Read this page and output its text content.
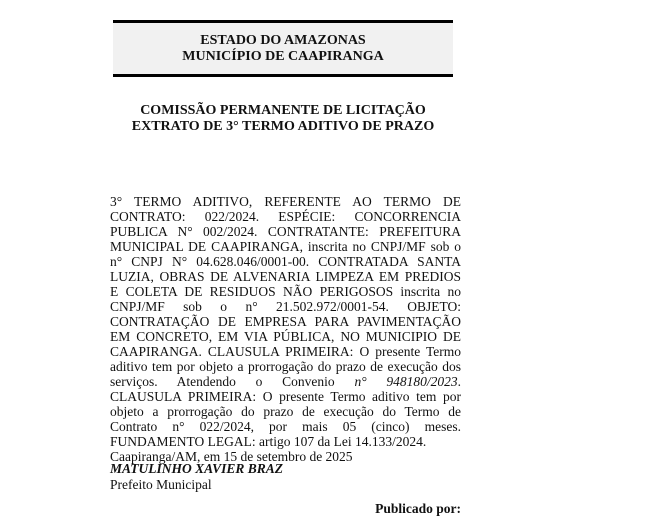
ESTADO DO AMAZONAS
MUNICÍPIO DE CAAPIRANGA
COMISSÃO PERMANENTE DE LICITAÇÃO
EXTRATO DE 3° TERMO ADITIVO DE PRAZO
3° TERMO ADITIVO, REFERENTE AO TERMO DE
CONTRATO: 022/2024. ESPÉCIE: CONCORRENCIA
PUBLICA N° 002/2024. CONTRATANTE: PREFEITURA
MUNICIPAL DE CAAPIRANGA, inscrita no CNPJ/MF sob o
n° CNPJ N° 04.628.046/0001-00. CONTRATADA SANTA
LUZIA, OBRAS DE ALVENARIA LIMPEZA EM PREDIOS
E COLETA DE RESIDUOS NÃO PERIGOSOS inscrita no
CNPJ/MF sob o n° 21.502.972/0001-54. OBJETO:
CONTRATAÇÃO DE EMPRESA PARA PAVIMENTAÇÃO
EM CONCRETO, EM VIA PÚBLICA, NO MUNICIPIO DE
CAAPIRANGA. CLAUSULA PRIMEIRA: O presente Termo
aditivo tem por objeto a prorrogação do prazo de execução dos
serviços. Atendendo o Convenio n° 948180/2023.
CLAUSULA PRIMEIRA: O presente Termo aditivo tem por
objeto a prorrogação do prazo de execução do Termo de
Contrato n° 022/2024, por mais 05 (cinco) meses.
FUNDAMENTO LEGAL: artigo 107 da Lei 14.133/2024.
Caapiranga/AM, em 15 de setembro de 2025
MATULINHO XAVIER BRAZ
Prefeito Municipal
Publicado por:
